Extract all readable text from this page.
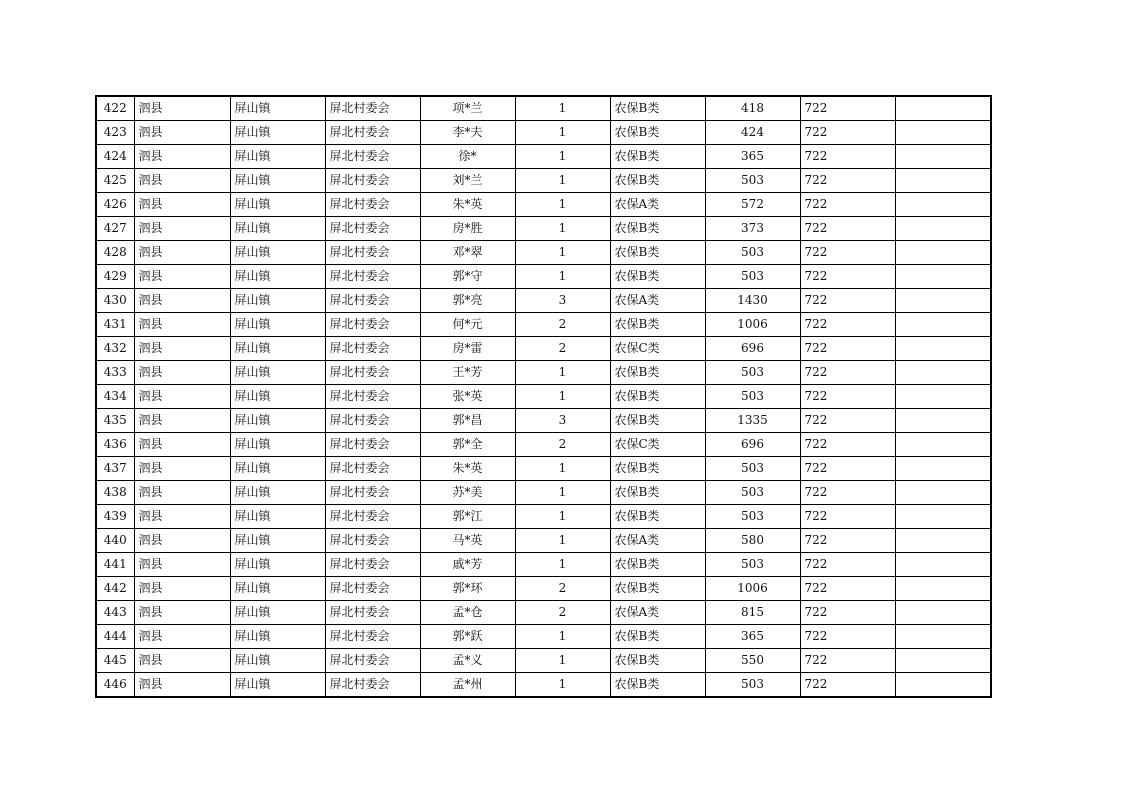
422	泗县	屏山镇	屏北村委会	项*兰	1	农保B类	418	722	
423	泗县	屏山镇	屏北村委会	李*夫	1	农保B类	424	722	
424	泗县	屏山镇	屏北村委会	徐*	1	农保B类	365	722	
425	泗县	屏山镇	屏北村委会	刘*兰	1	农保B类	503	722	
426	泗县	屏山镇	屏北村委会	朱*英	1	农保A类	572	722	
427	泗县	屏山镇	屏北村委会	房*胜	1	农保B类	373	722	
428	泗县	屏山镇	屏北村委会	邓*翠	1	农保B类	503	722	
429	泗县	屏山镇	屏北村委会	郭*守	1	农保B类	503	722	
430	泗县	屏山镇	屏北村委会	郭*亮	3	农保A类	1430	722	
431	泗县	屏山镇	屏北村委会	何*元	2	农保B类	1006	722	
432	泗县	屏山镇	屏北村委会	房*雷	2	农保C类	696	722	
433	泗县	屏山镇	屏北村委会	王*芳	1	农保B类	503	722	
434	泗县	屏山镇	屏北村委会	张*英	1	农保B类	503	722	
435	泗县	屏山镇	屏北村委会	郭*昌	3	农保B类	1335	722	
436	泗县	屏山镇	屏北村委会	郭*全	2	农保C类	696	722	
437	泗县	屏山镇	屏北村委会	朱*英	1	农保B类	503	722	
438	泗县	屏山镇	屏北村委会	苏*美	1	农保B类	503	722	
439	泗县	屏山镇	屏北村委会	郭*江	1	农保B类	503	722	
440	泗县	屏山镇	屏北村委会	马*英	1	农保A类	580	722	
441	泗县	屏山镇	屏北村委会	戚*芳	1	农保B类	503	722	
442	泗县	屏山镇	屏北村委会	郭*环	2	农保B类	1006	722	
443	泗县	屏山镇	屏北村委会	孟*仓	2	农保A类	815	722	
444	泗县	屏山镇	屏北村委会	郭*跃	1	农保B类	365	722	
445	泗县	屏山镇	屏北村委会	孟*义	1	农保B类	550	722	
446	泗县	屏山镇	屏北村委会	孟*州	1	农保B类	503	722	
